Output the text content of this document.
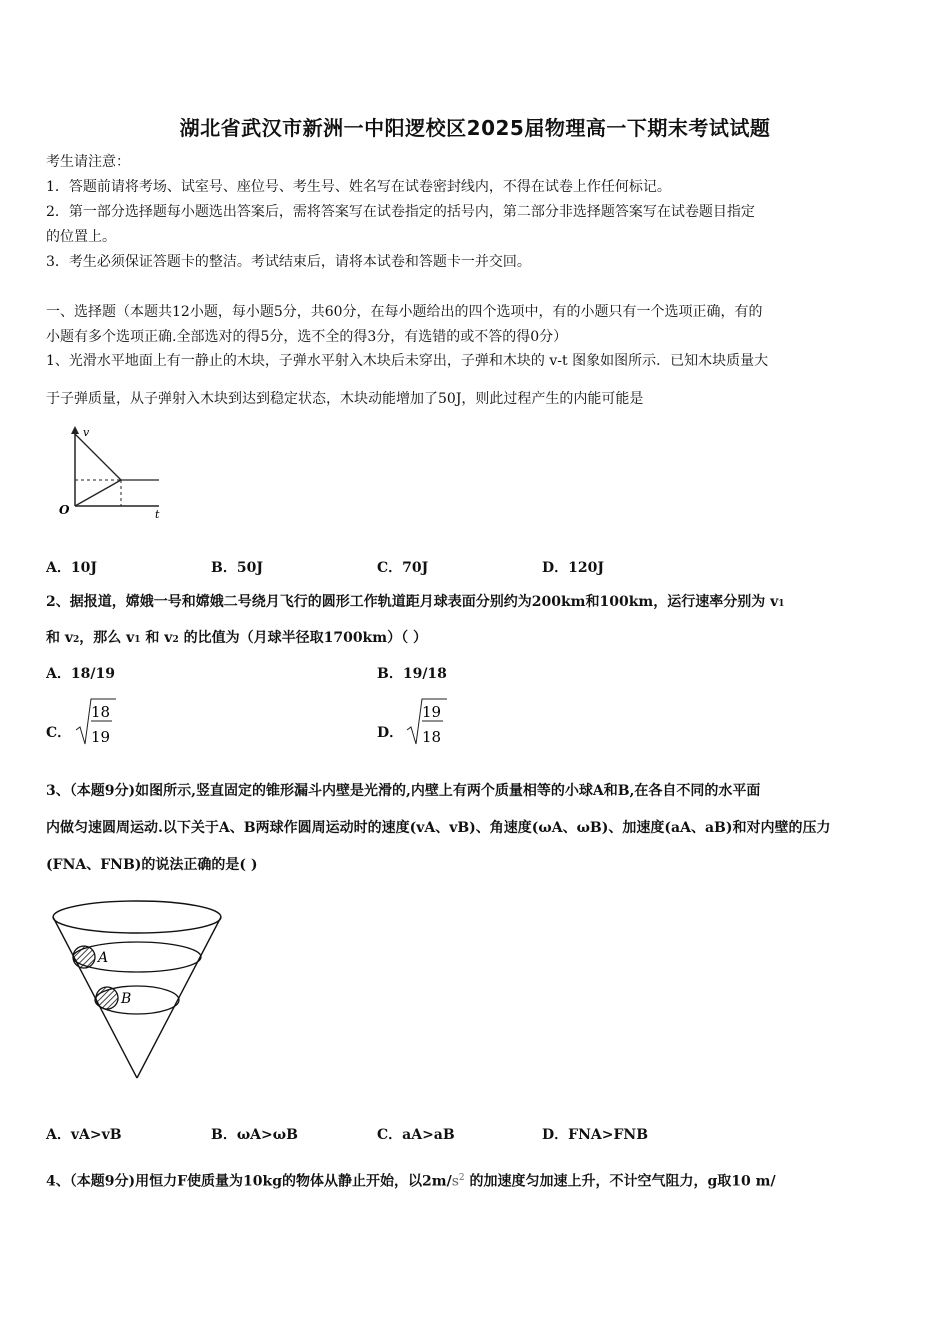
湖北省武汉市新洲一中阳逻校区2025届物理高一下期末考试试题
考生请注意：
1．答题前请将考场、试室号、座位号、考生号、姓名写在试卷密封线内，不得在试卷上作任何标记。
2．第一部分选择题每小题选出答案后，需将答案写在试卷指定的括号内，第二部分非选择题答案写在试卷题目指定
的位置上。
3．考生必须保证答题卡的整洁。考试结束后，请将本试卷和答题卡一并交回。
一、选择题（本题共12小题，每小题5分，共60分，在每小题给出的四个选项中，有的小题只有一个选项正确，有的
小题有多个选项正确.全部选对的得5分，选不全的得3分，有选错的或不答的得0分）
1、光滑水平地面上有一静止的木块，子弹水平射入木块后未穿出，子弹和木块的 v-t 图象如图所示．已知木块质量大
于子弹质量，从子弹射入木块到达到稳定状态，木块动能增加了50J，则此过程产生的内能可能是
v
t
O
A．10J	B．50J	C．70J	D．120J
2、据报道，嫦娥一号和嫦娥二号绕月飞行的圆形工作轨道距月球表面分别约为200km和100km，运行速率分别为 v1
和 v2，那么 v1 和 v2 的比值为（月球半径取1700km）（ ）
A．18/19	B．19/18
C．	D．
18
19
19
18
3、（本题9分)如图所示,竖直固定的锥形漏斗内壁是光滑的,内壁上有两个质量相等的小球A和B,在各自不同的水平面
内做匀速圆周运动.以下关于A、B两球作圆周运动时的速度(vA、vB)、角速度(ωA、ωB)、加速度(aA、aB)和对内壁的压力
(FNA、FNB)的说法正确的是( )
A
B
A．vA>vB	B．ωA>ωB	C．aA>aB	D．FNA>FNB
4、（本题9分)用恒力F使质量为10kg的物体从静止开始，以$2m/s^2$ 的加速度匀加速上升，不计空气阻力，g取10 m/
